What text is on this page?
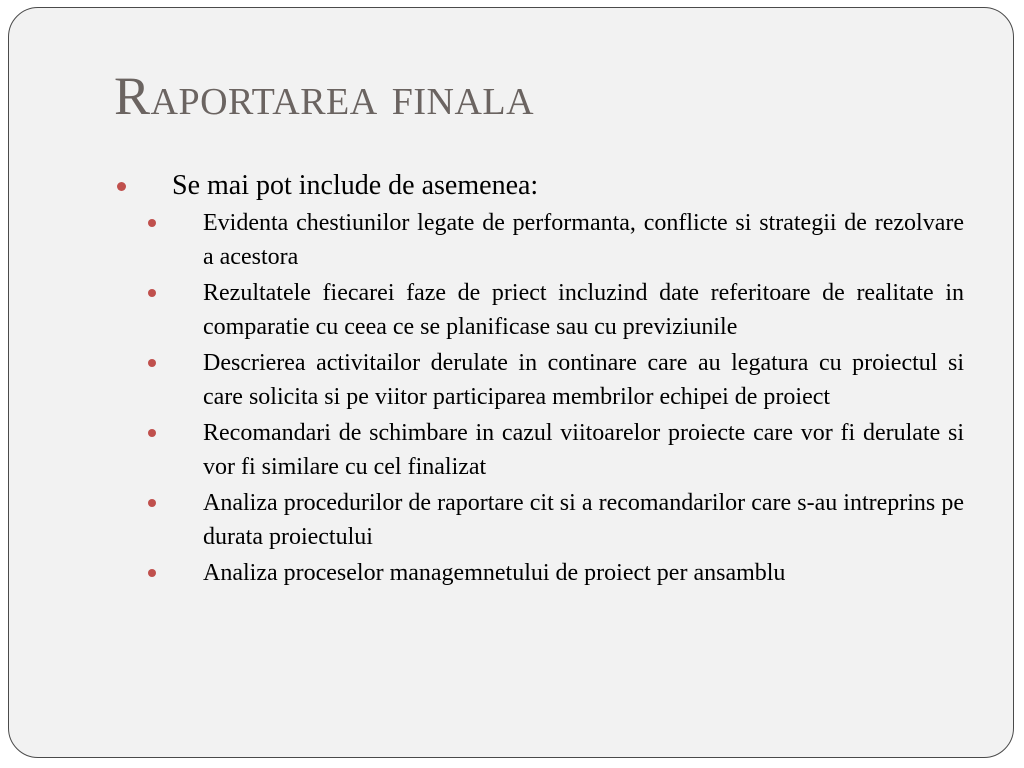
Raportarea finala
Se mai pot include de asemenea:
Evidenta chestiunilor legate de performanta, conflicte si strategii de rezolvare a acestora
Rezultatele fiecarei faze de priect incluzind date referitoare de realitate in comparatie cu ceea ce se planificase sau cu previziunile
Descrierea activitailor derulate in continare care au legatura cu proiectul si care solicita si pe viitor participarea membrilor echipei de proiect
Recomandari de schimbare in cazul viitoarelor proiecte care vor fi derulate si vor fi similare cu cel finalizat
Analiza procedurilor de raportare cit si a recomandarilor care s-au intreprins pe durata proiectului
Analiza proceselor managemnetului de proiect per ansamblu
